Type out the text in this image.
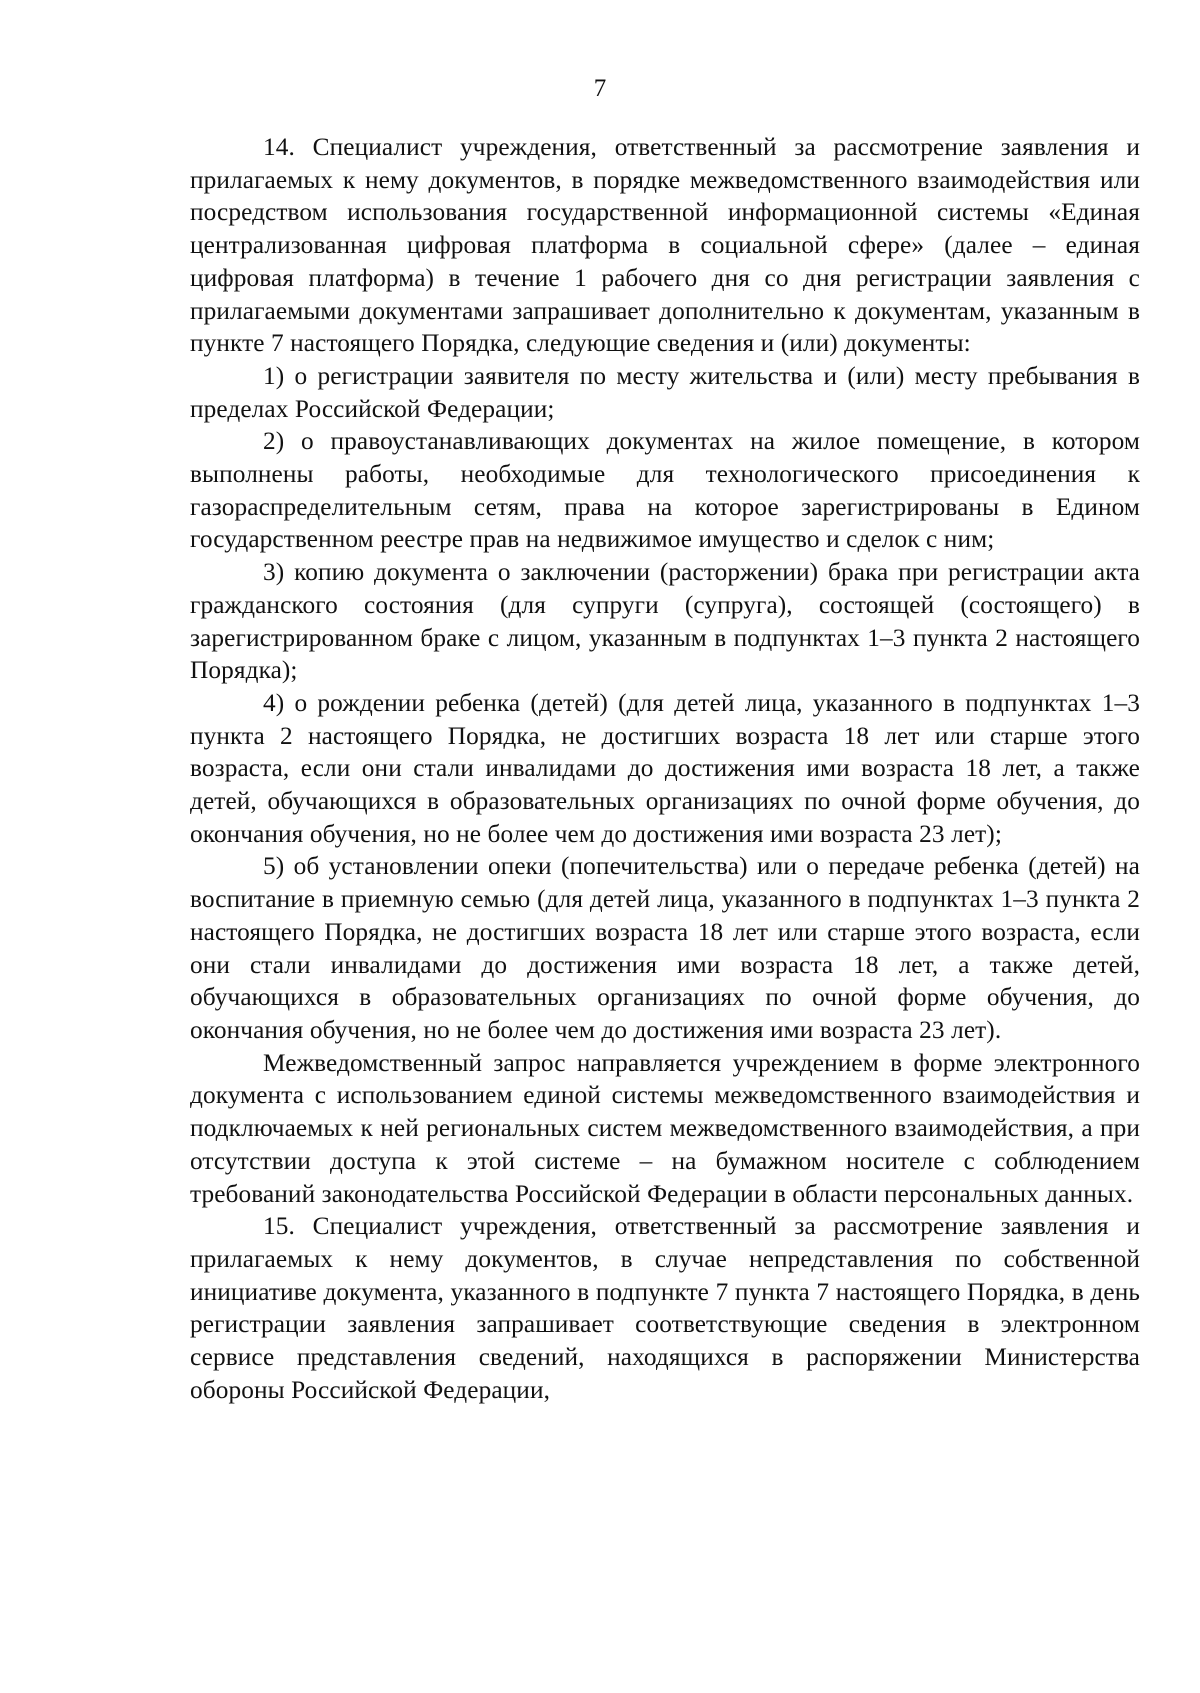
7

14. Специалист учреждения, ответственный за рассмотрение заявления и прилагаемых к нему документов, в порядке межведомственного взаимодействия или посредством использования государственной информационной системы «Единая централизованная цифровая платформа в социальной сфере» (далее – единая цифровая платформа) в течение 1 рабочего дня со дня регистрации заявления с прилагаемыми документами запрашивает дополнительно к документам, указанным в пункте 7 настоящего Порядка, следующие сведения и (или) документы:

1) о регистрации заявителя по месту жительства и (или) месту пребывания в пределах Российской Федерации;

2) о правоустанавливающих документах на жилое помещение, в котором выполнены работы, необходимые для технологического присоединения к газораспределительным сетям, права на которое зарегистрированы в Едином государственном реестре прав на недвижимое имущество и сделок с ним;

3) копию документа о заключении (расторжении) брака при регистрации акта гражданского состояния (для супруги (супруга), состоящей (состоящего) в зарегистрированном браке с лицом, указанным в подпунктах 1–3 пункта 2 настоящего Порядка);

4) о рождении ребенка (детей) (для детей лица, указанного в подпунктах 1–3 пункта 2 настоящего Порядка, не достигших возраста 18 лет или старше этого возраста, если они стали инвалидами до достижения ими возраста 18 лет, а также детей, обучающихся в образовательных организациях по очной форме обучения, до окончания обучения, но не более чем до достижения ими возраста 23 лет);

5) об установлении опеки (попечительства) или о передаче ребенка (детей) на воспитание в приемную семью (для детей лица, указанного в подпунктах 1–3 пункта 2 настоящего Порядка, не достигших возраста 18 лет или старше этого возраста, если они стали инвалидами до достижения ими возраста 18 лет, а также детей, обучающихся в образовательных организациях по очной форме обучения, до окончания обучения, но не более чем до достижения ими возраста 23 лет).

Межведомственный запрос направляется учреждением в форме электронного документа с использованием единой системы межведомственного взаимодействия и подключаемых к ней региональных систем межведомственного взаимодействия, а при отсутствии доступа к этой системе – на бумажном носителе с соблюдением требований законодательства Российской Федерации в области персональных данных.

15. Специалист учреждения, ответственный за рассмотрение заявления и прилагаемых к нему документов, в случае непредставления по собственной инициативе документа, указанного в подпункте 7 пункта 7 настоящего Порядка, в день регистрации заявления запрашивает соответствующие сведения в электронном сервисе представления сведений, находящихся в распоряжении Министерства обороны Российской Федерации,
